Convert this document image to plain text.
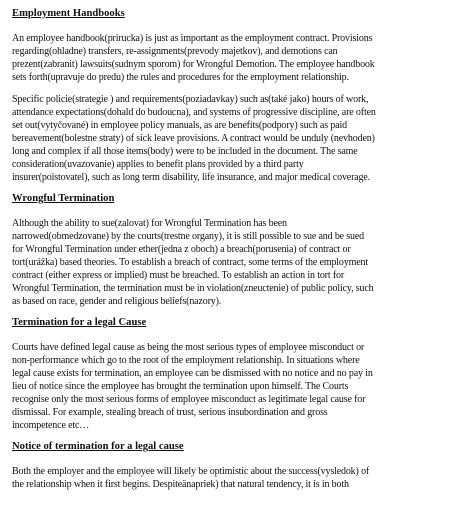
Employment Handbooks
An employee handbook(prirucka) is just as important as the employment contract. Provisions
regarding(ohladne) transfers, re-assignments(prevody majetkov), and demotions can
prezent(zabranit) lawsuits(sudnym sporom) for Wrongful Demotion. The employee handbook
sets forth(upravuje do predu) the rules and procedures for the employment relationship.
Specific policie(strategie ) and requirements(poziadavkay) such as(také jako) hours of work,
attendance expectations(dohald do budoucna), and systems of progressive discipline, are often
set out(vytyčované) in employee policy manuals, as are benefits(podpory) such as paid
bereavement(bolestne straty) of sick leave provisions. A contract would be unduly (nevhoden)
long and complex if all those items(body) were to be included in the document. The same
consideration(uvazovanie) applies to benefit plans provided by a third party
insurer(poistovatel), such as long term disability, life insurance, and major medical coverage.
Wrongful Termination
Although the ability to sue(zalovat) for Wrongful Termination has been
narrowed(obmedzovane) by the courts(trestne organy), it is still possible to sue and be sued
for Wrongful Termination under ether(jedna z oboch) a breach(porusenia) of contract or
tort(urážka) based theories. To establish a breach of contract, some terms of the employment
contract (either express or implied) must be breached. To establish an action in tort for
Wrongful Termination, the termination must be in violation(zneuctenie) of public policy, such
as based on race, gender and religious beliefs(nazory).
Termination for a legal Cause
Courts have defined legal cause as being the most serious types of employee misconduct or
non-performance which go to the root of the employment relationship. In situations where
legal cause exists for termination, an employee can be dismissed with no notice and no pay in
lieu of notice since the employee has brought the termination upon himself. The Courts
recognise only the most serious forms of employee misconduct as legitimate legal cause for
dismissal. For example, stealing breach of trust, serious insubordination and gross
incompetence etc…
Notice of termination for a legal cause
Both the employer and the employee will likely be optimistic about the success(vysledok) of
the relationship when it first begins. Despiteänapriek) that natural tendency, it is in both
